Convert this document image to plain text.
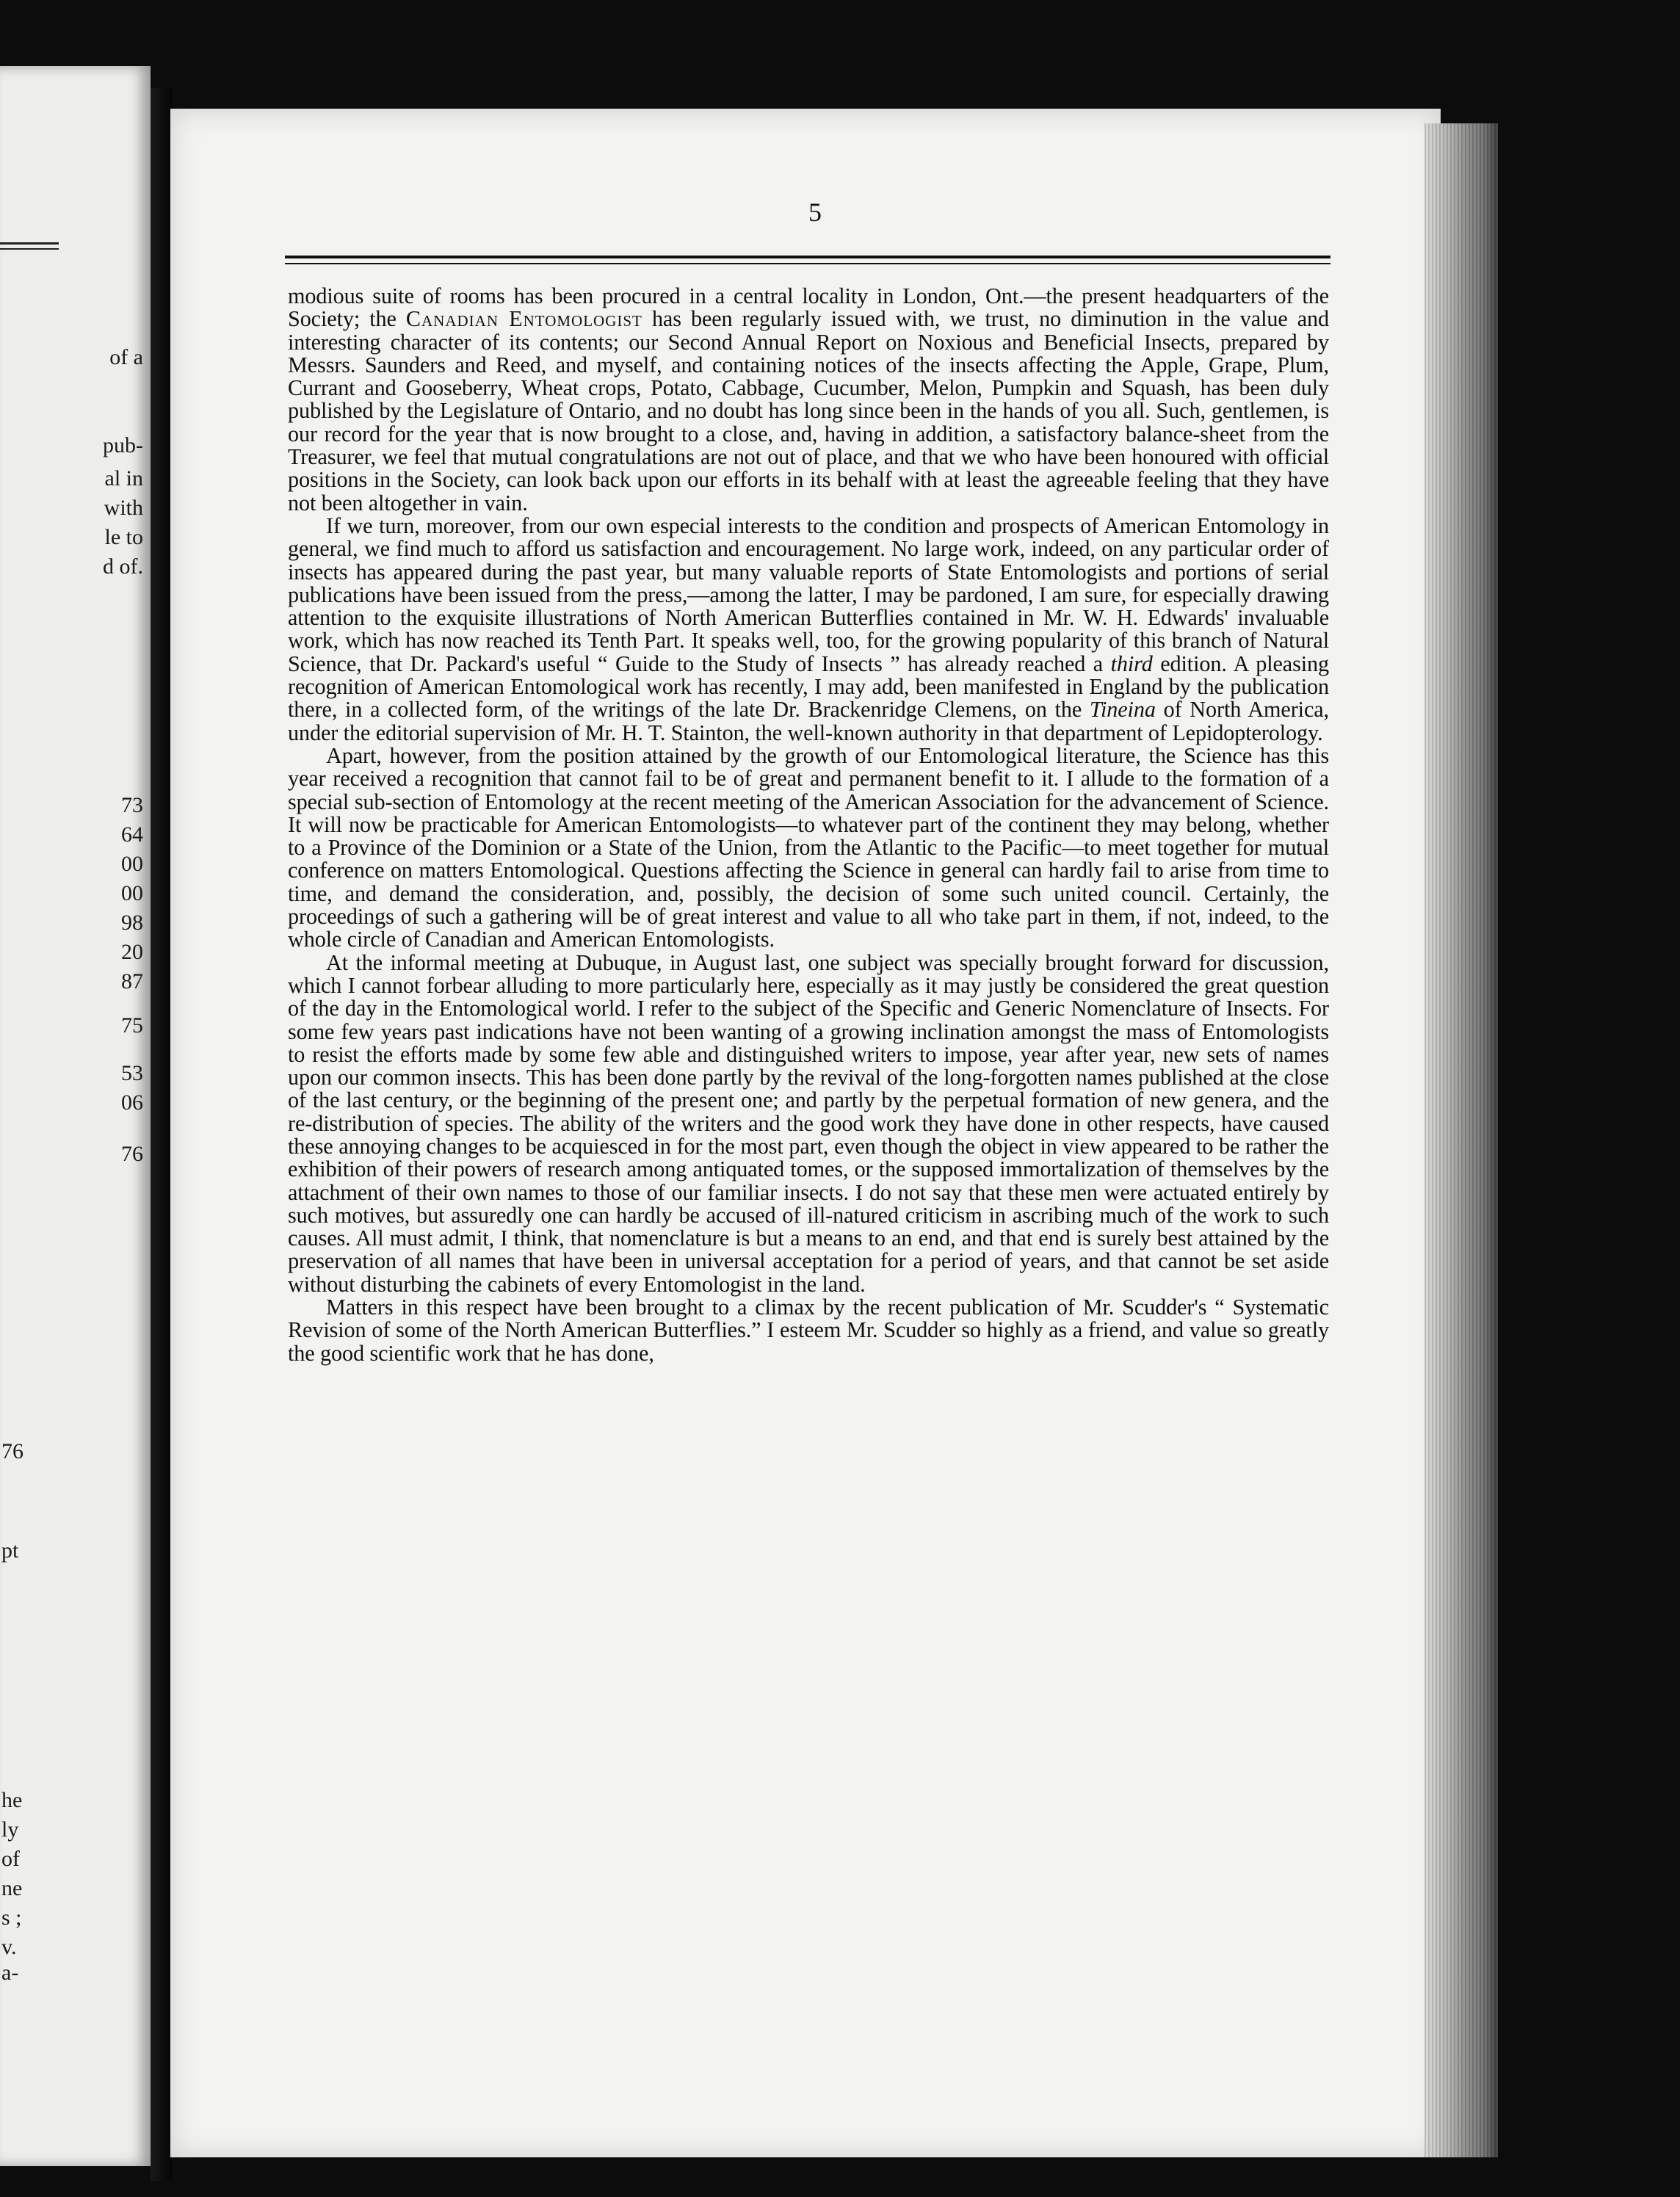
of a
pub-
al in
with
le to
d of.
73
64
00
00
98
20
87
75
53
06
76
76
pt
he
ly
of
ne
s ;
v.
a-
5

modious suite of rooms has been procured in a central locality in London, Ont.—the present headquarters of the Society; the Canadian Entomologist has been regularly issued with, we trust, no diminution in the value and interesting character of its contents; our Second Annual Report on Noxious and Beneficial Insects, prepared by Messrs. Saunders and Reed, and myself, and containing notices of the insects affecting the Apple, Grape, Plum, Currant and Gooseberry, Wheat crops, Potato, Cabbage, Cucumber, Melon, Pumpkin and Squash, has been duly published by the Legislature of Ontario, and no doubt has long since been in the hands of you all. Such, gentlemen, is our record for the year that is now brought to a close, and, having in addition, a satisfactory balance-sheet from the Treasurer, we feel that mutual congratulations are not out of place, and that we who have been honoured with official positions in the Society, can look back upon our efforts in its behalf with at least the agreeable feeling that they have not been altogether in vain.

If we turn, moreover, from our own especial interests to the condition and prospects of American Entomology in general, we find much to afford us satisfaction and encouragement. No large work, indeed, on any particular order of insects has appeared during the past year, but many valuable reports of State Entomologists and portions of serial publications have been issued from the press,—among the latter, I may be pardoned, I am sure, for especially drawing attention to the exquisite illustrations of North American Butterflies contained in Mr. W. H. Edwards' invaluable work, which has now reached its Tenth Part. It speaks well, too, for the growing popularity of this branch of Natural Science, that Dr. Packard's useful “ Guide to the Study of Insects ” has already reached a third edition. A pleasing recognition of American Entomological work has recently, I may add, been manifested in England by the publication there, in a collected form, of the writings of the late Dr. Brackenridge Clemens, on the Tineina of North America, under the editorial supervision of Mr. H. T. Stainton, the well-known authority in that department of Lepidopterology.

Apart, however, from the position attained by the growth of our Entomological literature, the Science has this year received a recognition that cannot fail to be of great and permanent benefit to it. I allude to the formation of a special sub-section of Entomology at the recent meeting of the American Association for the advancement of Science. It will now be practicable for American Entomologists—to whatever part of the continent they may belong, whether to a Province of the Dominion or a State of the Union, from the Atlantic to the Pacific—to meet together for mutual conference on matters Entomological. Questions affecting the Science in general can hardly fail to arise from time to time, and demand the consideration, and, possibly, the decision of some such united council. Certainly, the proceedings of such a gathering will be of great interest and value to all who take part in them, if not, indeed, to the whole circle of Canadian and American Entomologists.

At the informal meeting at Dubuque, in August last, one subject was specially brought forward for discussion, which I cannot forbear alluding to more particularly here, especially as it may justly be considered the great question of the day in the Entomological world. I refer to the subject of the Specific and Generic Nomenclature of Insects. For some few years past indications have not been wanting of a growing inclination amongst the mass of Entomologists to resist the efforts made by some few able and distinguished writers to impose, year after year, new sets of names upon our common insects. This has been done partly by the revival of the long-forgotten names published at the close of the last century, or the beginning of the present one; and partly by the perpetual formation of new genera, and the re-distribution of species. The ability of the writers and the good work they have done in other respects, have caused these annoying changes to be acquiesced in for the most part, even though the object in view appeared to be rather the exhibition of their powers of research among antiquated tomes, or the supposed immortalization of themselves by the attachment of their own names to those of our familiar insects. I do not say that these men were actuated entirely by such motives, but assuredly one can hardly be accused of ill-natured criticism in ascribing much of the work to such causes. All must admit, I think, that nomenclature is but a means to an end, and that end is surely best attained by the preservation of all names that have been in universal acceptation for a period of years, and that cannot be set aside without disturbing the cabinets of every Entomologist in the land.

Matters in this respect have been brought to a climax by the recent publication of Mr. Scudder's “ Systematic Revision of some of the North American Butterflies.” I esteem Mr. Scudder so highly as a friend, and value so greatly the good scientific work that he has done,
